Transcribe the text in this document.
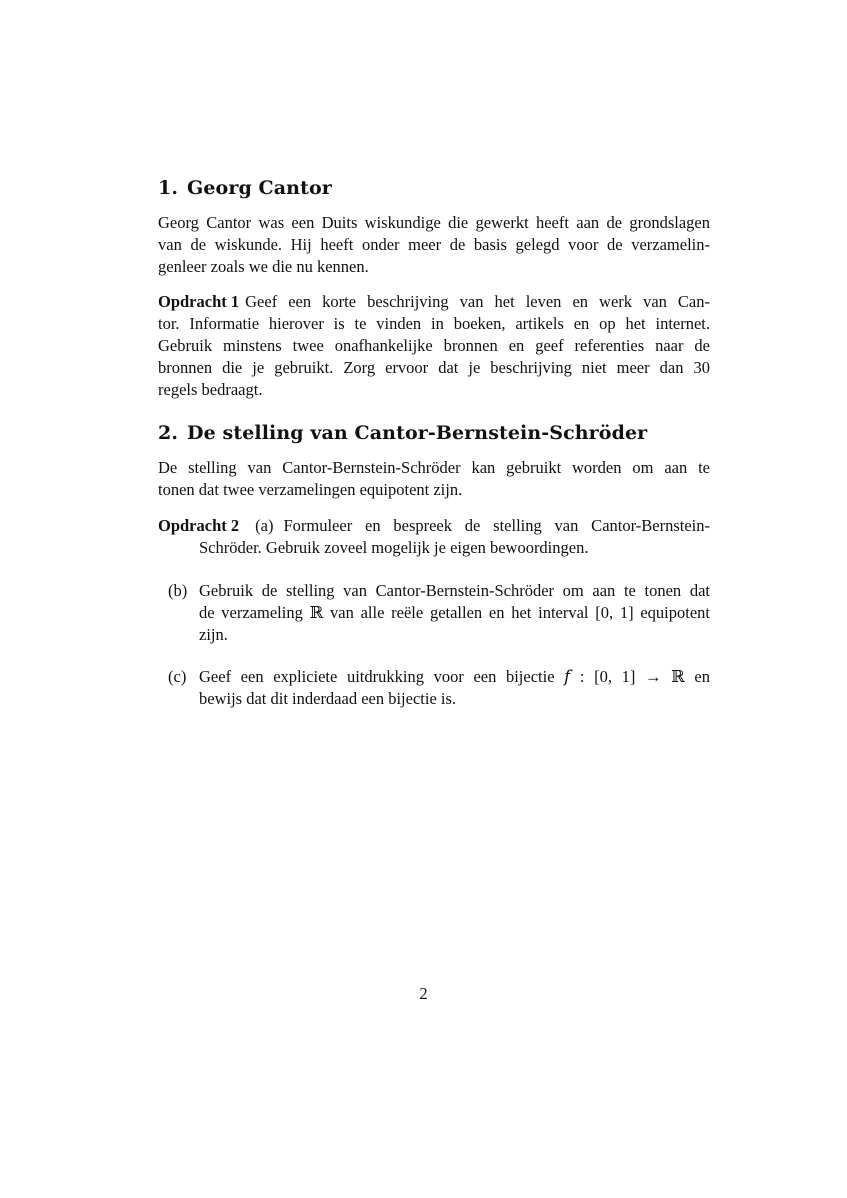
1. Georg Cantor
Georg Cantor was een Duits wiskundige die gewerkt heeft aan de grondslagen
van de wiskunde. Hij heeft onder meer de basis gelegd voor de verzamelin-
genleer zoals we die nu kennen.
Opdracht 1 Geef een korte beschrijving van het leven en werk van Can-
tor. Informatie hierover is te vinden in boeken, artikels en op het internet.
Gebruik minstens twee onafhankelijke bronnen en geef referenties naar de
bronnen die je gebruikt. Zorg ervoor dat je beschrijving niet meer dan 30
regels bedraagt.
2. De stelling van Cantor-Bernstein-Schröder
De stelling van Cantor-Bernstein-Schröder kan gebruikt worden om aan te
tonen dat twee verzamelingen equipotent zijn.
Opdracht 2 (a) Formuleer en bespreek de stelling van Cantor-Bernstein-
Schröder. Gebruik zoveel mogelijk je eigen bewoordingen.
(b) Gebruik de stelling van Cantor-Bernstein-Schröder om aan te tonen dat
de verzameling ℝ van alle reële getallen en het interval [0, 1] equipotent
zijn.
(c) Geef een expliciete uitdrukking voor een bijectie 𝑓 : [0, 1] → ℝ en
bewijs dat dit inderdaad een bijectie is.
2
